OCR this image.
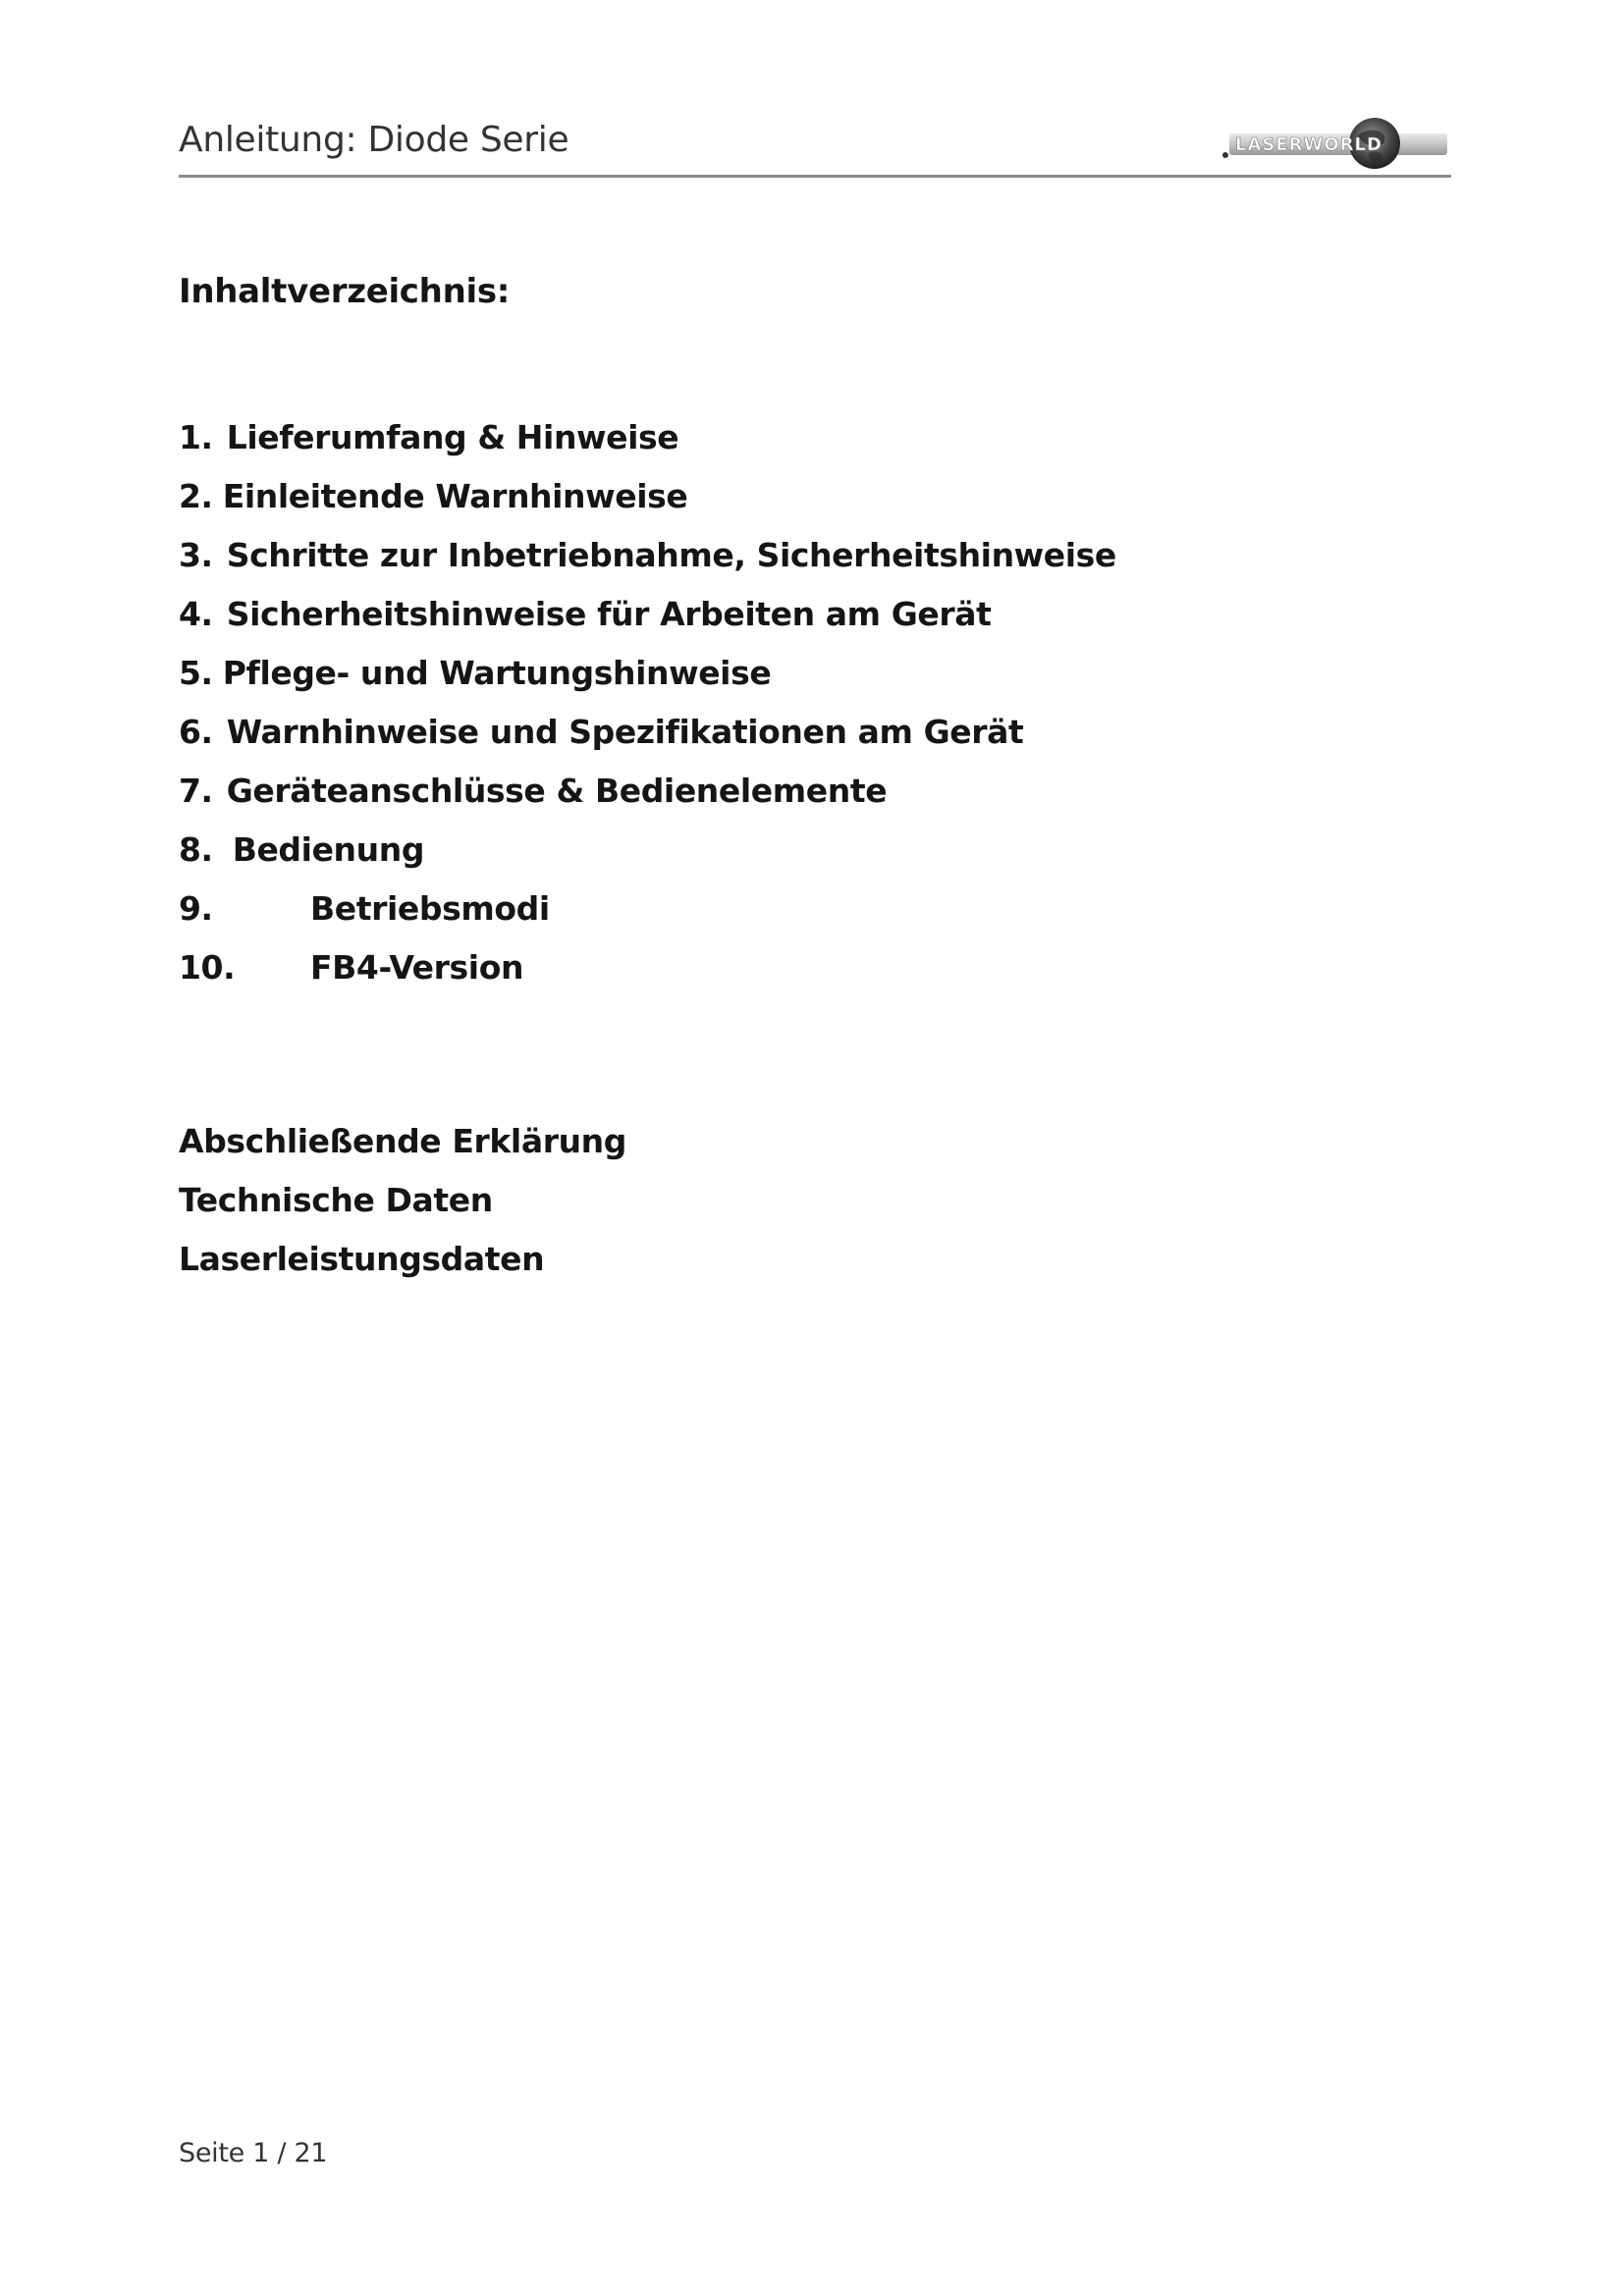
Anleitung: Diode Serie	LASERWORLD
Inhaltverzeichnis:
1. Lieferumfang & Hinweise
2. Einleitende Warnhinweise
3. Schritte zur Inbetriebnahme, Sicherheitshinweise
4. Sicherheitshinweise für Arbeiten am Gerät
5. Pflege- und Wartungshinweise
6. Warnhinweise und Spezifikationen am Gerät
7. Geräteanschlüsse & Bedienelemente
8. Bedienung
9.	Betriebsmodi
10. FB4-Version
Abschließende Erklärung
Technische Daten
Laserleistungsdaten
Seite 1 / 21
